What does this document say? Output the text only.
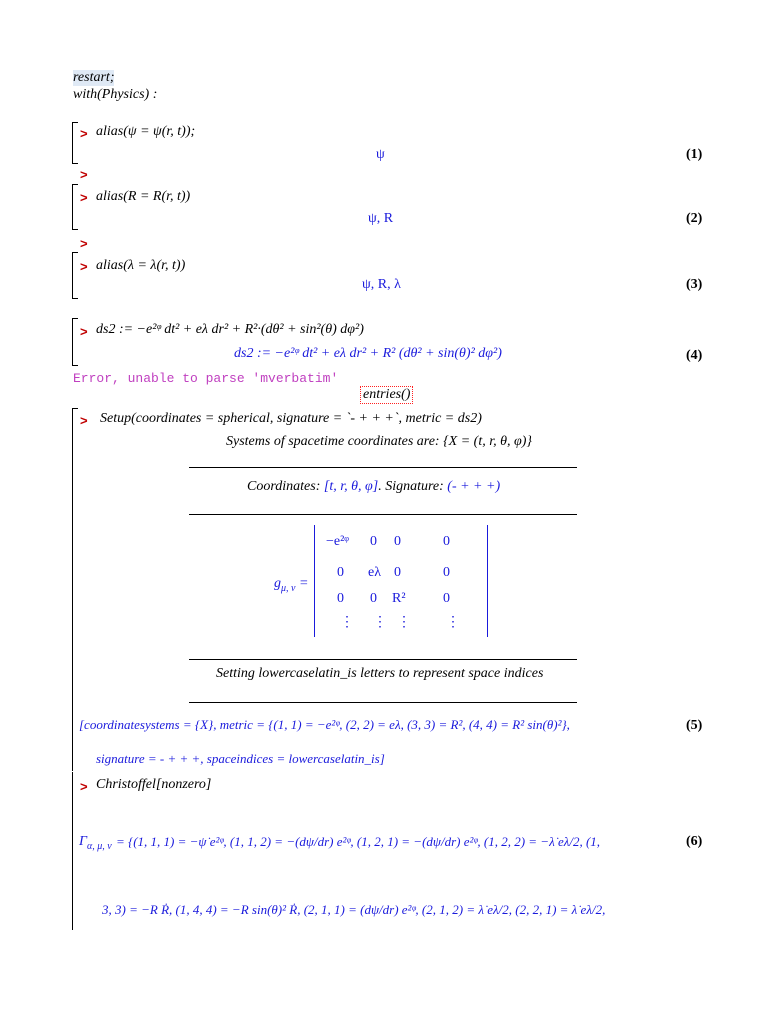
restart;
with(Physics) :
> alias(ψ = ψ(r, t));
ψ	(1)
>
> alias(R = R(r, t))
ψ, R	(2)
>
> alias(λ = λ(r, t))
ψ, R, λ	(3)
> ds2 := −e²ᵠ dt² + eλ dr² + R²·(dθ² + sin²(θ) dφ²)
ds2 := −e²ᵠ dt² + eλ dr² + R² (dθ² + sin(θ)² dφ²)	(4)
Error, unable to parse 'mverbatim'
entries()
> Setup(coordinates = spherical, signature = `- + + +`, metric = ds2)
Systems of spacetime coordinates are: {X = (t, r, θ, φ)}
Coordinates: [t, r, θ, φ]. Signature: (- + + +)
$g_{\mu, \nu}$ =
−e²ᵠ 0 0	0
0 eλ 0	0
0 0 R²	0
⋮ ⋮ ⋮	⋮
Setting lowercaselatin_is letters to represent space indices
[coordinatesystems = {X}, metric = {(1, 1) = −e²ᵠ, (2, 2) = eλ, (3, 3) = R², (4, 4) = R² sin(θ)²},	(5)
signature = - + + +, spaceindices = lowercaselatin_is]
> Christoffel[nonzero]
$\Gamma_{\alpha, \mu, \nu} = \{(1$, 1, 1) = −ψ̇ e²ᵠ, (1, 1, 2) = −(dψ/dr) e²ᵠ, (1, 2, 1) = −(dψ/dr) e²ᵠ, (1, 2, 2) = −λ̇ eλ/2, (1,	(6)
3, 3) = −R Ṙ, (1, 4, 4) = −R sin(θ)² Ṙ, (2, 1, 1) = (dψ/dr) e²ᵠ, (2, 1, 2) = λ̇ eλ/2, (2, 2, 1) = λ̇ eλ/2,
